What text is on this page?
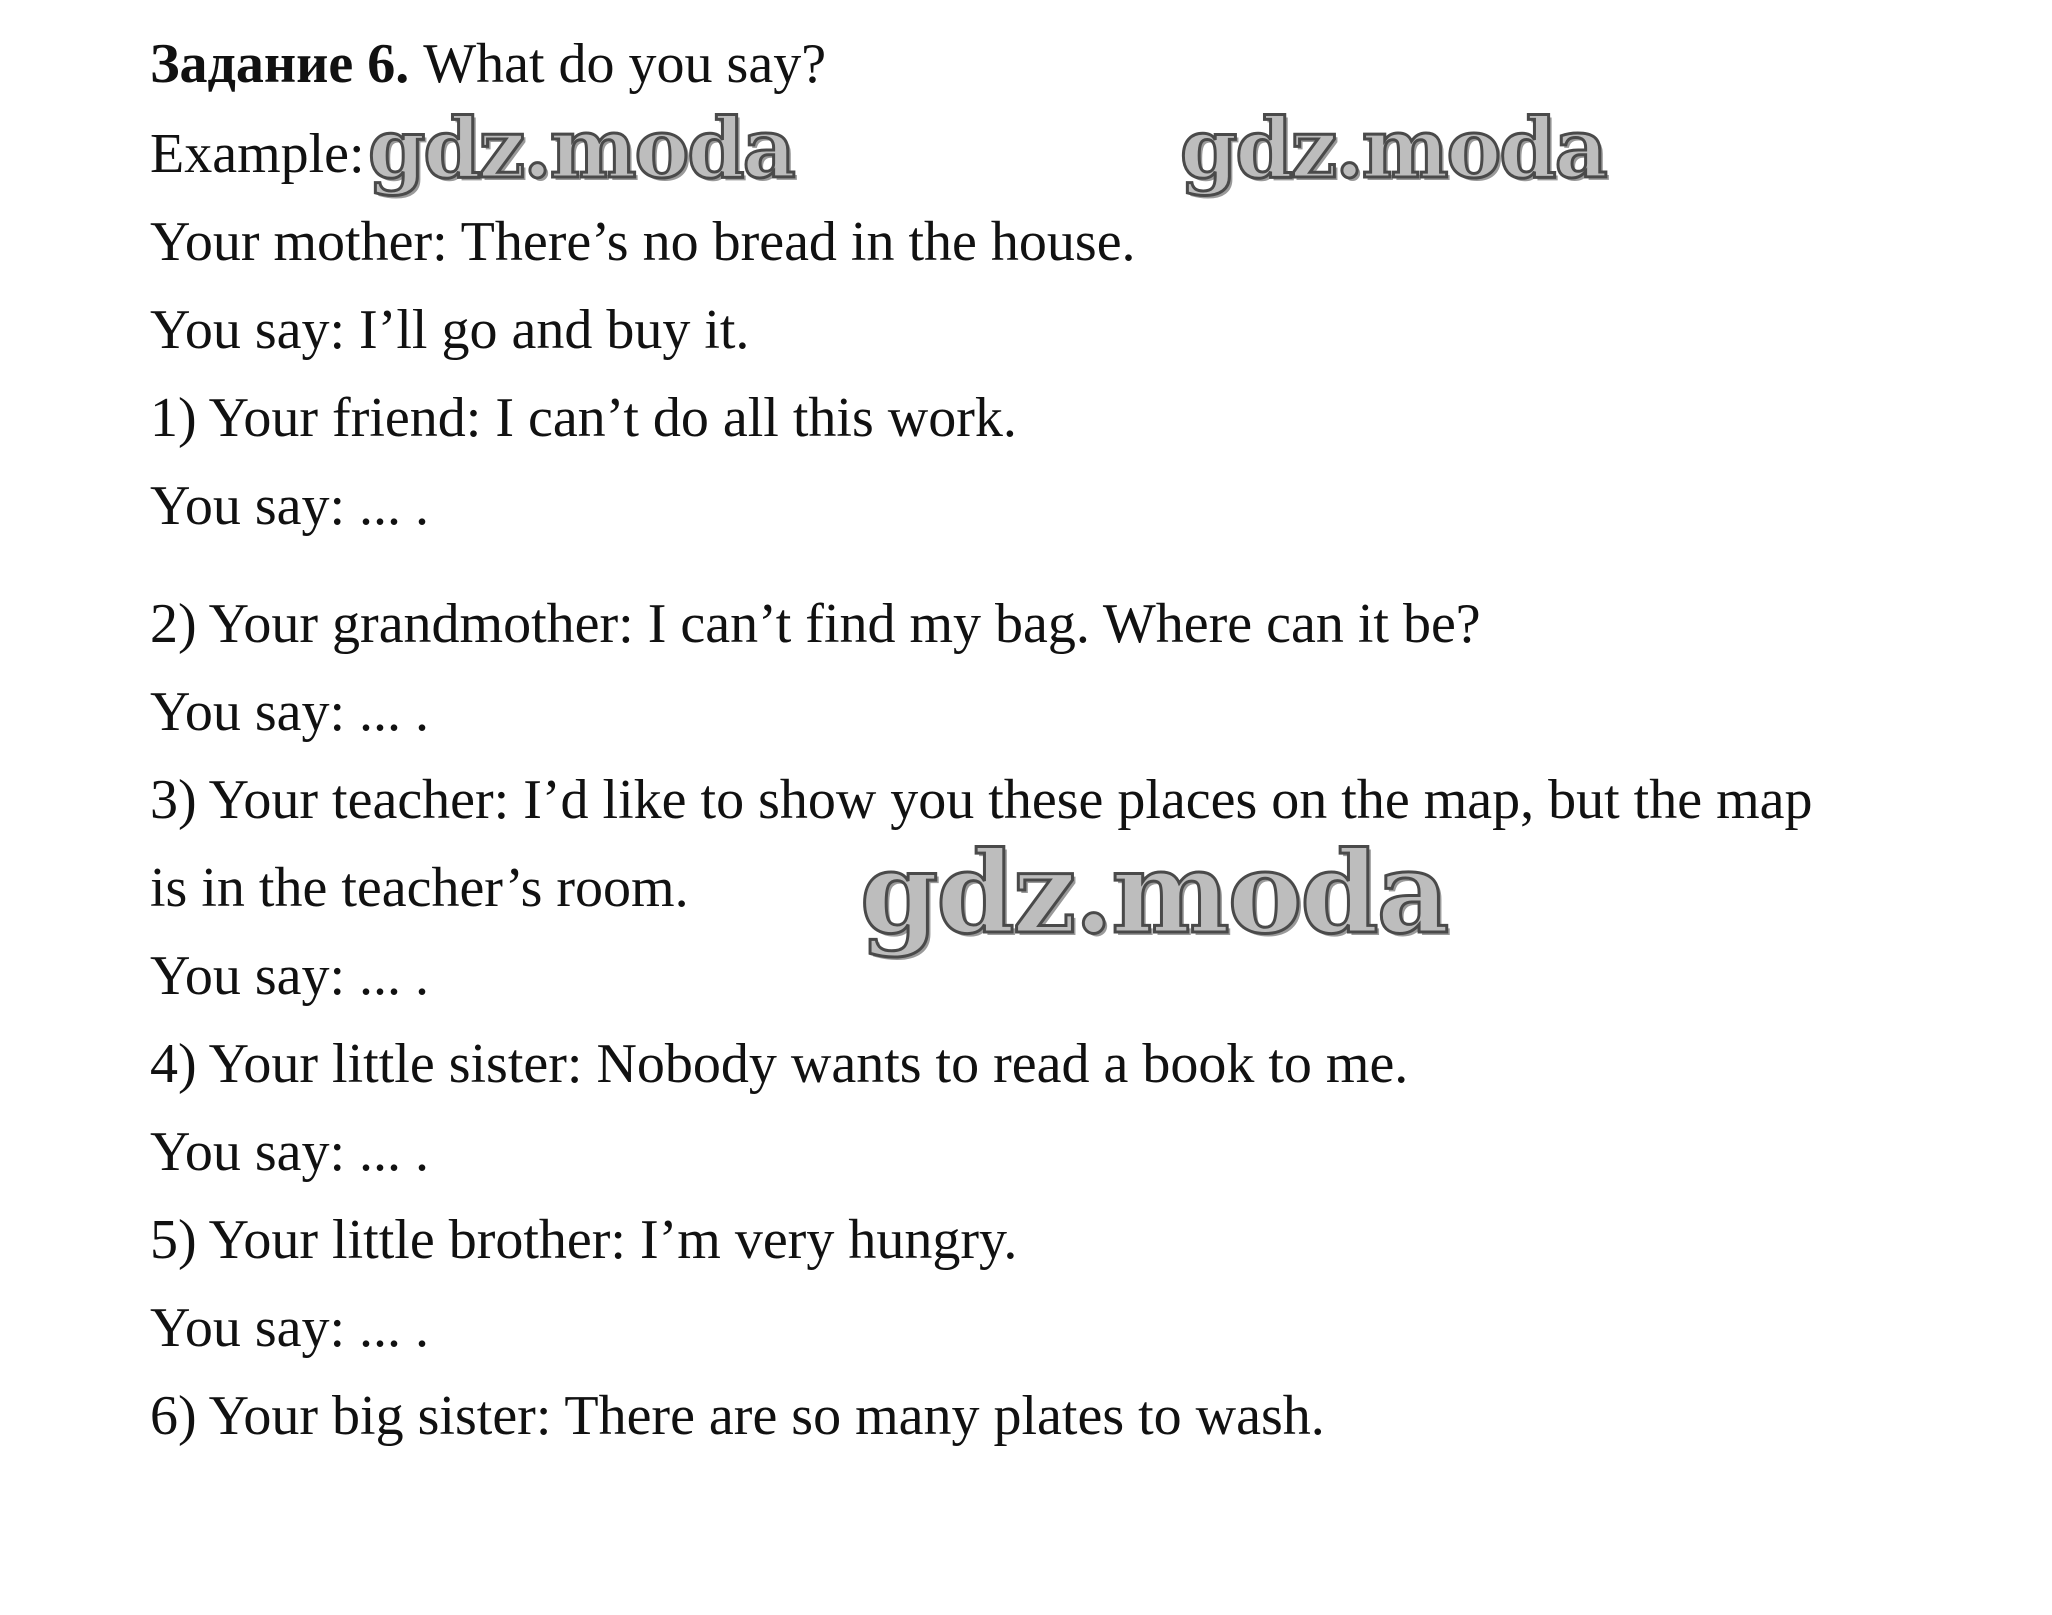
Задание 6. What do you say?
Example:
Your mother: There’s no bread in the house.
You say: I’ll go and buy it.
1) Your friend: I can’t do all this work.
You say: ... .
2) Your grandmother: I can’t find my bag. Where can it be?
You say: ... .
3) Your teacher: I’d like to show you these places on the map, but the map
is in the teacher’s room.
You say: ... .
4) Your little sister: Nobody wants to read a book to me.
You say: ... .
5) Your little brother: I’m very hungry.
You say: ... .
6) Your big sister: There are so many plates to wash.
gdz.moda	gdz.moda
gdz.moda
